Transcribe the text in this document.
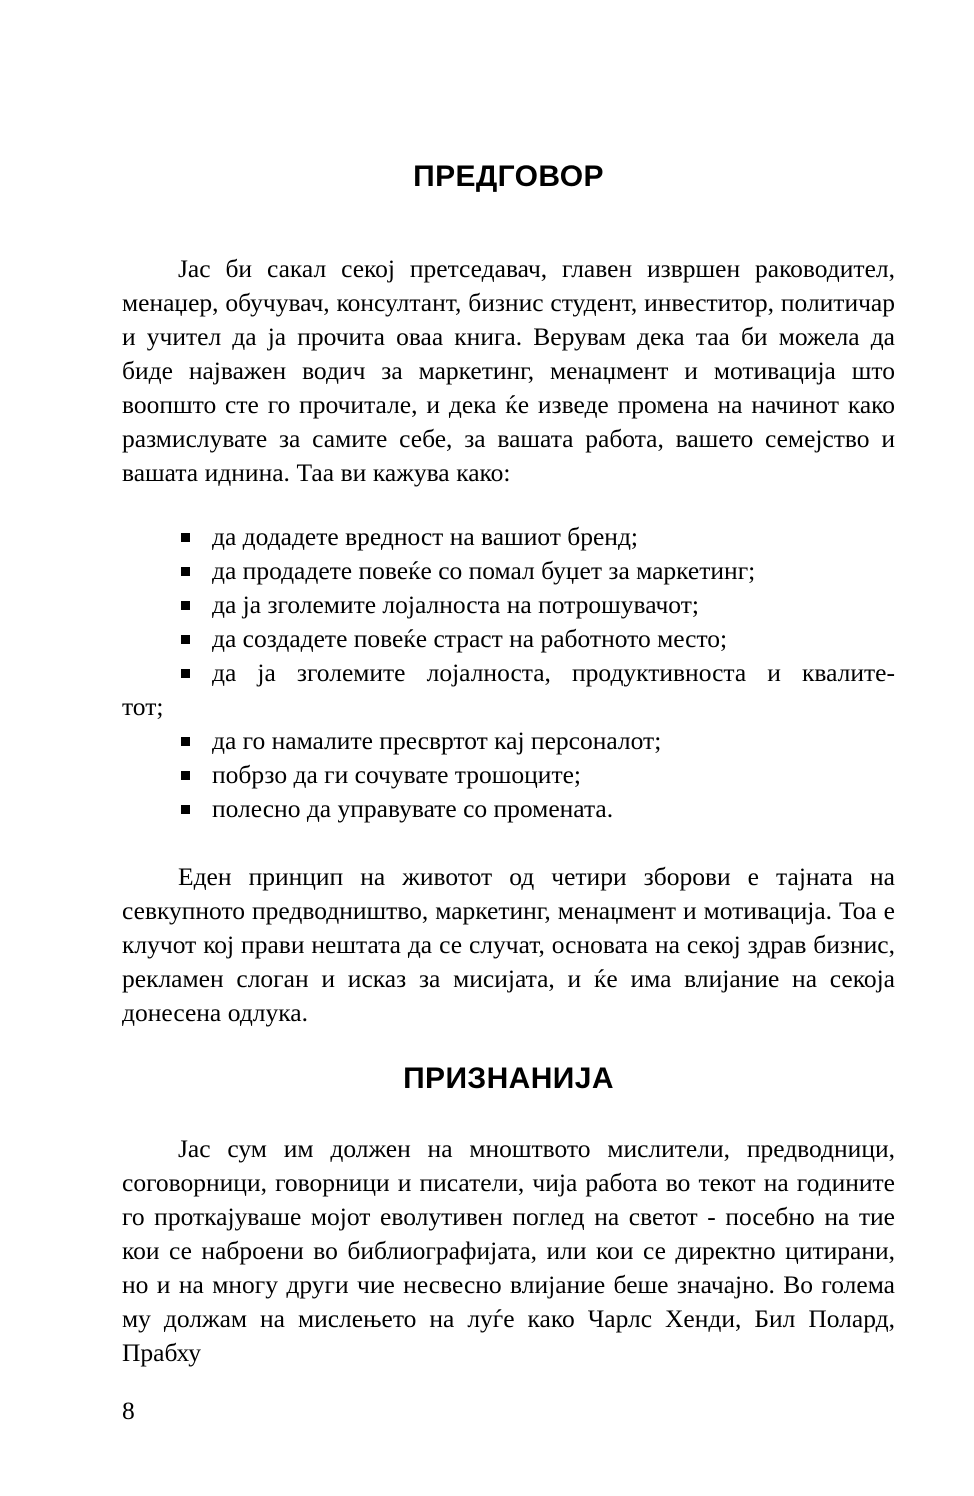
ПРЕДГОВОР

Јас би сакал секој претседавач, главен извршен раководител, менаџер, обучувач, консултант, бизнис студент, инвеститор, политичар и учител да ја прочита оваа книга. Верувам дека таа би можела да биде најважен водич за маркетинг, менаџмент и мотивација што воопшто сте го прочитале, и дека ќе изведе промена на начинот како размислувате за самите себе, за вашата работа, вашето семејство и вашата иднина. Таа ви кажува како:

да додадете вредност на вашиот бренд;
да продадете повеќе со помал буџет за маркетинг;
да ја зголемите лојалноста на потрошувачот;
да создадете повеќе страст на работното место;
да ја зголемите лојалноста, продуктивноста и квалите-

тот;

да го намалите пресвртот кај персоналот;
побрзо да ги сочувате трошоците;
полесно да управувате со промената.

Еден принцип на животот од четири зборови е тајната на севкупното предводништво, маркетинг, менаџмент и мотивација. Тоа е клучот кој прави нештата да се случат, основата на секој здрав бизнис, рекламен слоган и исказ за мисијата, и ќе има влијание на секоја донесена одлука.

ПРИЗНАНИЈА

Јас сум им должен на мноштвото мислители, предводници, соговорници, говорници и писатели, чија работа во текот на годините го проткајуваше мојот еволутивен поглед на светот - посебно на тие кои се наброени во библиографијата, или кои се директно цитирани, но и на многу други чие несвесно влијание беше значајно. Во голема му должам на мислењето на луѓе како Чарлс Хенди, Бил Полард, Прабху

8
